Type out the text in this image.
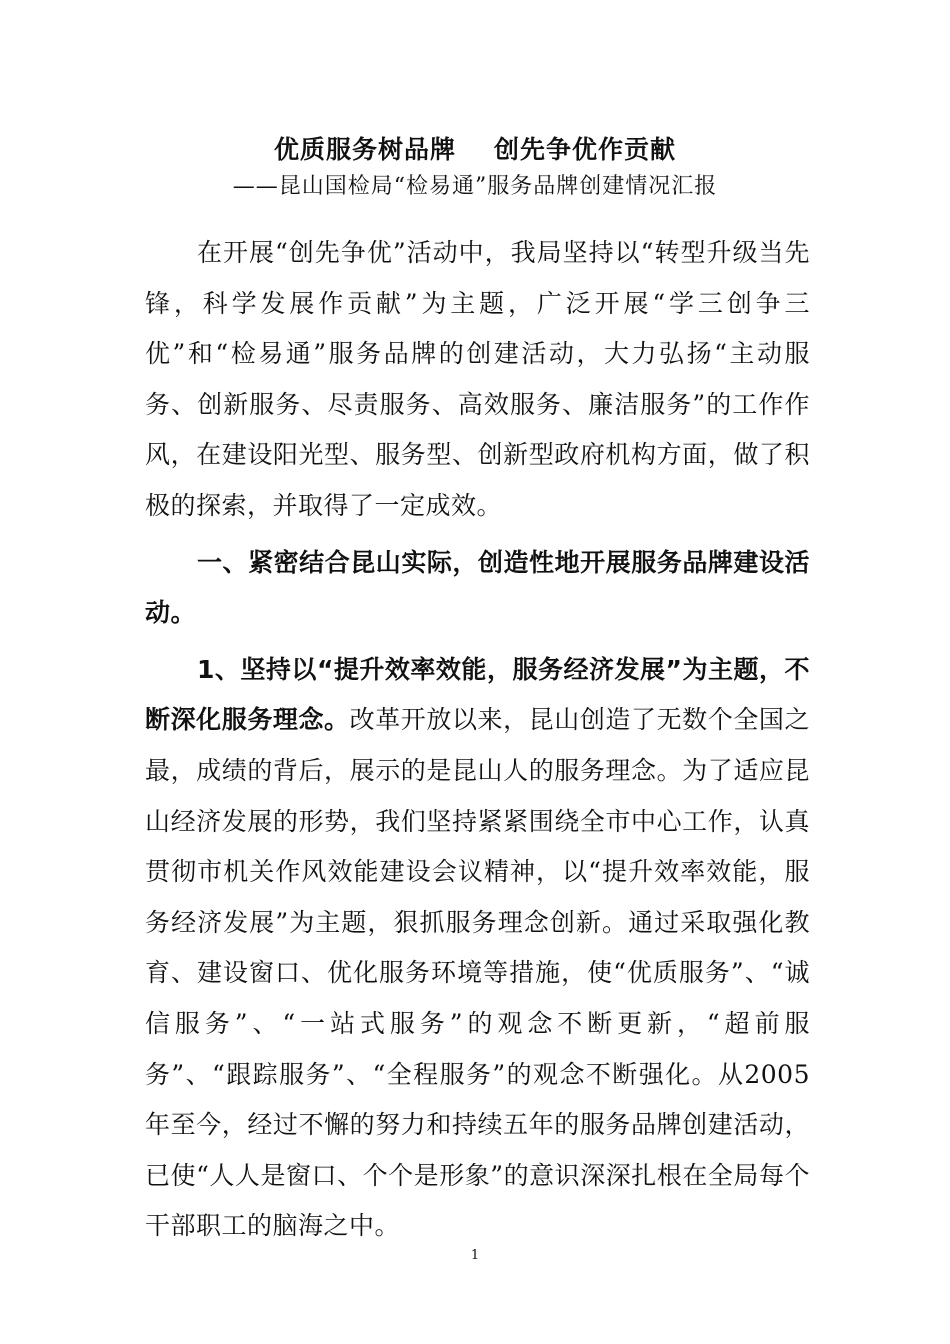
优质服务树品牌 创先争优作贡献

——昆山国检局“检易通”服务品牌创建情况汇报

在开展“创先争优”活动中，我局坚持以“转型升级当先锋，科学发展作贡献”为主题，广泛开展“学三创争三优”和“检易通”服务品牌的创建活动，大力弘扬“主动服务、创新服务、尽责服务、高效服务、廉洁服务”的工作作风，在建设阳光型、服务型、创新型政府机构方面，做了积极的探索，并取得了一定成效。

一、紧密结合昆山实际，创造性地开展服务品牌建设活动。

1、坚持以“提升效率效能，服务经济发展”为主题，不断深化服务理念。改革开放以来，昆山创造了无数个全国之最，成绩的背后，展示的是昆山人的服务理念。为了适应昆山经济发展的形势，我们坚持紧紧围绕全市中心工作，认真贯彻市机关作风效能建设会议精神，以“提升效率效能，服务经济发展”为主题，狠抓服务理念创新。通过采取强化教育、建设窗口、优化服务环境等措施，使“优质服务”、“诚信服务”、“一站式服务”的观念不断更新，“超前服务”、“跟踪服务”、“全程服务”的观念不断强化。从2005年至今，经过不懈的努力和持续五年的服务品牌创建活动，已使“人人是窗口、个个是形象”的意识深深扎根在全局每个干部职工的脑海之中。

1
